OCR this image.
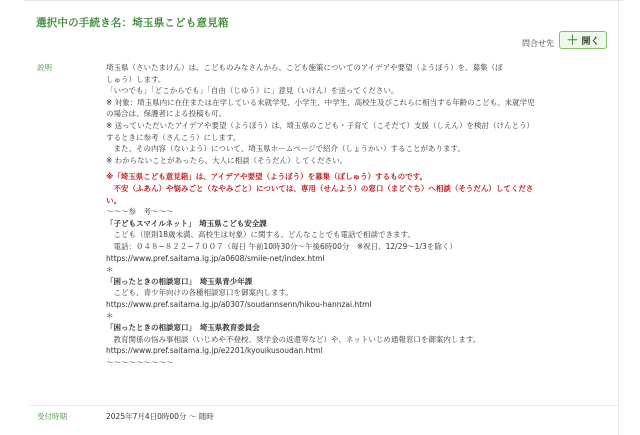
選択中の手続き名：埼玉県こども意見箱
問合せ先 ＋ 開く
説明	埼玉県（さいたまけん）は、こどものみなさんから、こども施策についてのアイデアや要望（ようぼう）を、募集（ぼ
しゅう）します。
「いつでも」「どこからでも」「自由（じゆう）に」意見（いけん）を送ってください。
※ 対象：埼玉県内に在住または在学している未就学児、小学生、中学生、高校生及びこれらに相当する年齢のこども。未就学児
の場合は、保護者による投稿も可。
※ 送っていただいたアイデアや要望（ようぼう）は、埼玉県のこども・子育て（こそだて）支援（しえん）を検討（けんとう）
するときに参考（さんこう）にします。
　また、その内容（ないよう）について、埼玉県ホームページで紹介（しょうかい）することがあります。
※ わからないことがあったら、大人に相談（そうだん）してください。
※「埼玉県こども意見箱」は、アイデアや要望（ようぼう）を募集（ぼしゅう）するものです。
　不安（ふあん）や悩みごと（なやみごと）については、専用（せんよう）の窓口（まどぐち）へ相談（そうだん）してくださ
い。
〜〜〜参　考〜〜〜
「子どもスマイルネット」　埼玉県こども安全課
　こども（原則18歳未満、高校生は対象）に関する、どんなことでも電話で相談できます。
　電話：０４８−８２２−７００７（毎日 午前10時30分〜午後6時00分　※祝日、12/29〜1/3を除く）
https://www.pref.saitama.lg.jp/a0608/smile-net/index.html
＊
「困ったときの相談窓口」　埼玉県青少年課
　こども、青少年向けの各種相談窓口を御案内します。
https://www.pref.saitama.lg.jp/a0307/soudannsenn/hikou-hannzai.html
＊
「困ったときの相談窓口」　埼玉県教育委員会
　教育関係の悩み事相談（いじめや不登校、奨学金の返還等など）や、ネットいじめ通報窓口を御案内します。
https://www.pref.saitama.lg.jp/e2201/kyouikusoudan.html
〜〜〜〜〜〜〜〜〜
受付時期	2025年7月4日0時00分 〜 随時
